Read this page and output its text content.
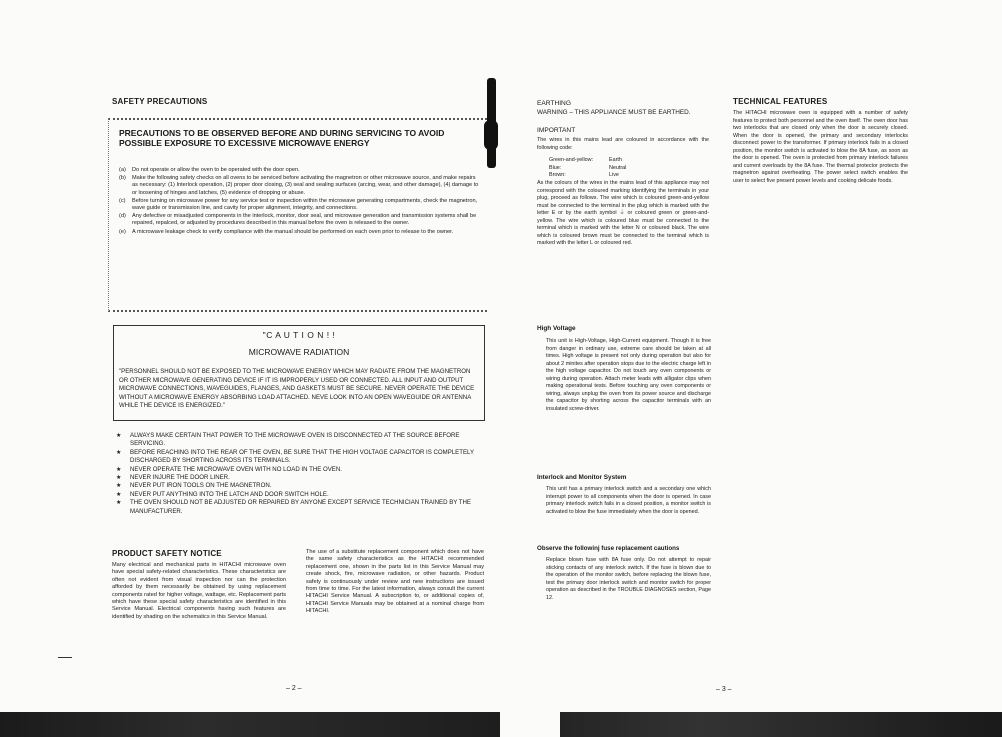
SAFETY PRECAUTIONS
PRECAUTIONS TO BE OBSERVED BEFORE AND DURING SERVICING TO AVOID POSSIBLE EXPOSURE TO EXCESSIVE MICROWAVE ENERGY
(a)	Do not operate or allow the oven to be operated with the door open.
(b)	Make the following safety checks on all ovens to be serviced before activating the magnetron or other microwave source, and make repairs as necessary: (1) Interlock operation, (2) proper door closing, (3) seal and sealing surfaces (arcing, wear, and other damage), (4) damage to or loosening of hinges and latches, (5) evidence of dropping or abuse.
(c)	Before turning on microwave power for any service test or inspection within the microwave generating compartments, check the magnetron, wave guide or transmission line, and cavity for proper alignment, integrity, and connections.
(d)	Any defective or misadjusted components in the interlock, monitor, door seal, and microwave generation and transmission systems shall be repaired, repalced, or adjusted by procedures described in this manual before the oven is released to the owner.
(e)	A microwave leakage check to verify compliance with the manual should be performed on each oven prior to release to the owner.
"C A U T I O N ! !
MICROWAVE RADIATION
"PERSONNEL SHOULD NOT BE EXPOSED TO THE MICROWAVE ENERGY WHICH MAY RADIATE FROM THE MAGNETRON OR OTHER MICROWAVE GENERATING DEVICE IF IT IS IMPROPERLY USED OR CONNECTED. ALL INPUT AND OUTPUT MICROWAVE CONNECTIONS, WAVEGUIDES, FLANGES, AND GASKETS MUST BE SECURE. NEVER OPERATE THE DEVICE WITHOUT A MICROWAVE ENERGY ABSORBING LOAD ATTACHED. NEVE LOOK INTO AN OPEN WAVEGUIDE OR ANTENNA WHILE THE DEVICE IS ENERGIZED."
★ ALWAYS MAKE CERTAIN THAT POWER TO THE MICROWAVE OVEN IS DISCONNECTED AT THE SOURCE BEFORE SERVICING.
★ BEFORE REACHING INTO THE REAR OF THE OVEN, BE SURE THAT THE HIGH VOLTAGE CAPACITOR IS COMPLETELY DISCHARGED BY SHORTING ACROSS ITS TERMINALS.
★ NEVER OPERATE THE MICROWAVE OVEN WITH NO LOAD IN THE OVEN.
★ NEVER INJURE THE DOOR LINER.
★ NEVER PUT IRON TOOLS ON THE MAGNETRON.
★ NEVER PUT ANYTHING INTO THE LATCH AND DOOR SWITCH HOLE.
★ THE OVEN SHOULD NOT BE ADJUSTED OR REPAIRED BY ANYONE EXCEPT SERVICE TECHNICIAN TRAINED BY THE MANUFACTURER.
PRODUCT SAFETY NOTICE
Many electrical and mechanical parts in HITACHI microwave oven have special safety-related characteristics. These characteristics are often not evident from visual inspection nor can the protection afforded by them necessarily be obtained by using replacement components rated for higher voltage, wattage, etc. Replacement parts which have these special safety characteristics are identified in this Service Manual. Electrical components having such features are identified by shading on the schematics in this Service Manual.
The use of a substitute replacement component which does not have the same safety characteristics as the HITACHI recommended replacement one, shown in the parts list in this Service Manual may create shock, fire, microwave radiation, or other hazards. Product safety is continuously under review and new instructions are issued from time to time. For the latest information, always consult the current HITACHI Service Manual. A subscription to, or additional copies of, HITACHI Service Manuals may be obtained at a nominal charge from HITACHI.
– 2 –
EARTHING
WARNING – THIS APPLIANCE MUST BE EARTHED.
IMPORTANT
The wires in this mains lead are coloured in accordance with the following code:
Green-and-yellow:	Earth
Blue:	Neutral
Brown:	Live
As the colours of the wires in the mains lead of this appliance may not correspond with the coloured marking identifying the terminals in your plug, proceed as follows. The wire which is coloured green-and-yellow must be connected to the terminal in the plug which is marked with the letter E or by the earth symbol ⏚ or coloured green or green-and-yellow. The wire which is coloured blue must be connected to the terminal which is marked with the letter N or coloured black. The wire which is coloured brown must be connected to the terminal which is marked with the letter L or coloured red.
High Voltage
This unit is High-Voltage, High-Current equipment. Though it is free from danger in ordinary use, extreme care should be taken at all times. High voltage is present not only during operation but also for about 2 minites after operation stops due to the electric charge left in the high voltage capacitor. Do not touch any oven components or wiring during operation. Attach meter leads with alligator clips when making operational tests. Before touching any oven components or wiring, always unplug the oven from its power source and discharge the capacitor by shorting across the capacitor terminals with an insulated screw-driver.
Interlock and Monitor System
This unit has a primary interlock switch and a secondary one which interrupt power to all components when the door is opened. In case primary interlock switch fails in a closed position, a monitor switch is activated to blow the fuse immediately when the door is opened.
Observe the followinj fuse replacement cautions
Replace blown fuse with 8A fuse only. Do not attempt to repair sticking contacts of any interlock switch. If the fuse is blown due to the operation of the monitor switch, before replacing the blown fuse, test the primary door interlock switch and monitor switch for proper operation as described in the TROUBLE DIAGNOSES section, Page 12.
TECHNICAL FEATURES
The HITACHI microwave oven is equipped with a number of safety features to protect both personnel and the oven itself. The oven door has two interlocks that are closed only when the door is securely closed. When the door is opened, the primary and secondary interlocks disconnect power to the transformer. If primary interlock fails in a closed position, the monitor switch is activated to blow the 8A fuse, as soon as the door is opened. The oven is protected from primary interlock failures and current overloads by the 8A fuse. The thermal protector protects the magnetron against overheating. The power select switch enables the user to select five present power levels and cooking delicate foods.
– 3 –
